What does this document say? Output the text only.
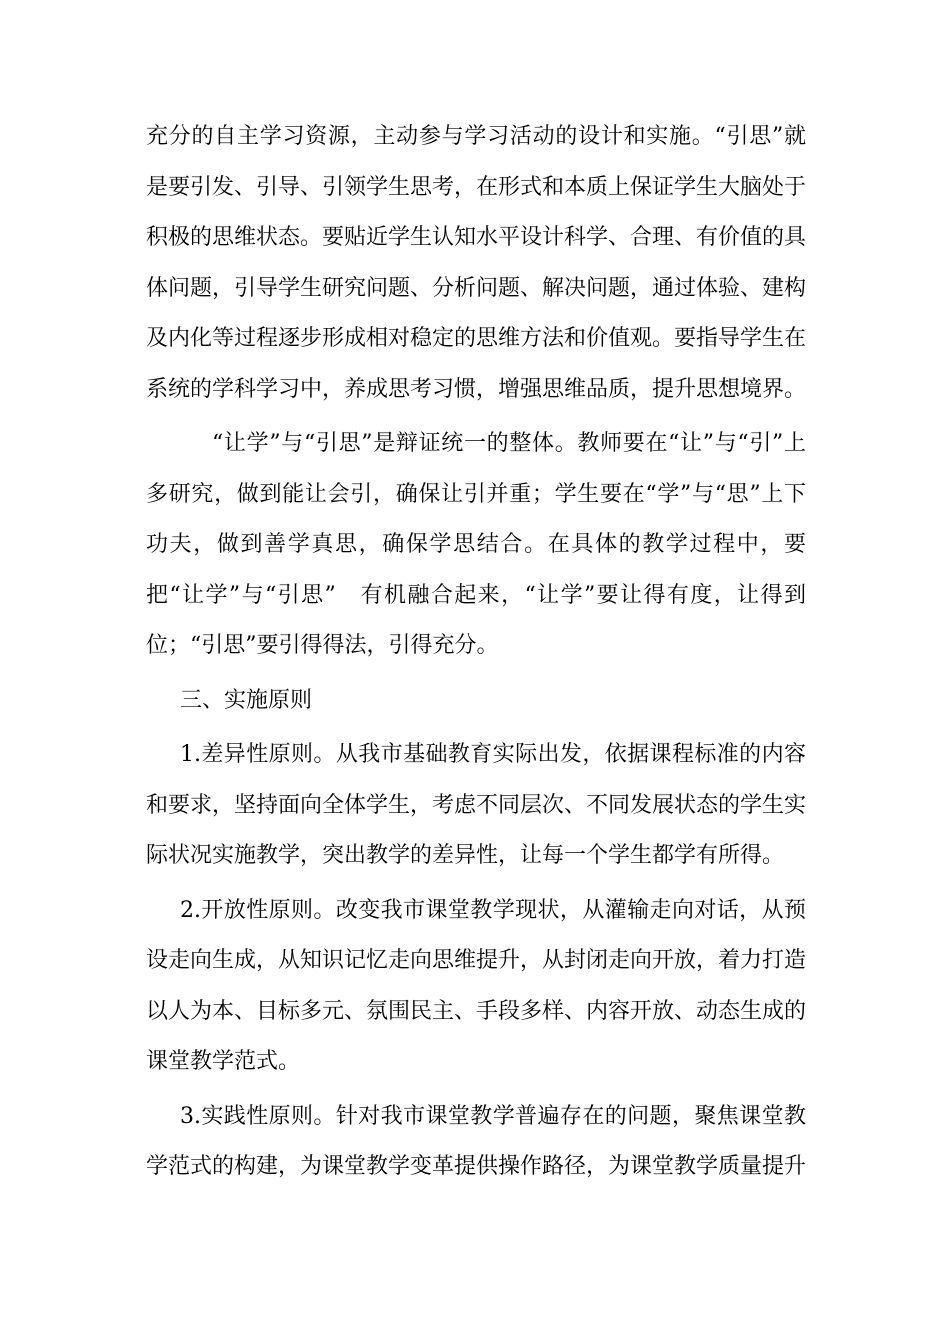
充分的自主学习资源，主动参与学习活动的设计和实施。“引思”就是要引发、引导、引领学生思考，在形式和本质上保证学生大脑处于积极的思维状态。要贴近学生认知水平设计科学、合理、有价值的具体问题，引导学生研究问题、分析问题、解决问题，通过体验、建构及内化等过程逐步形成相对稳定的思维方法和价值观。要指导学生在系统的学科学习中，养成思考习惯，增强思维品质，提升思想境界。

“让学”与“引思”是辩证统一的整体。教师要在“让”与“引”上多研究，做到能让会引，确保让引并重；学生要在“学”与“思”上下功夫，做到善学真思，确保学思结合。在具体的教学过程中，要把“让学”与“引思”　有机融合起来，“让学”要让得有度，让得到位；“引思”要引得得法，引得充分。

三、实施原则

1.差异性原则。从我市基础教育实际出发，依据课程标准的内容和要求，坚持面向全体学生，考虑不同层次、不同发展状态的学生实际状况实施教学，突出教学的差异性，让每一个学生都学有所得。

2.开放性原则。改变我市课堂教学现状，从灌输走向对话，从预设走向生成，从知识记忆走向思维提升，从封闭走向开放，着力打造以人为本、目标多元、氛围民主、手段多样、内容开放、动态生成的课堂教学范式。

3.实践性原则。针对我市课堂教学普遍存在的问题，聚焦课堂教学范式的构建，为课堂教学变革提供操作路径，为课堂教学质量提升
